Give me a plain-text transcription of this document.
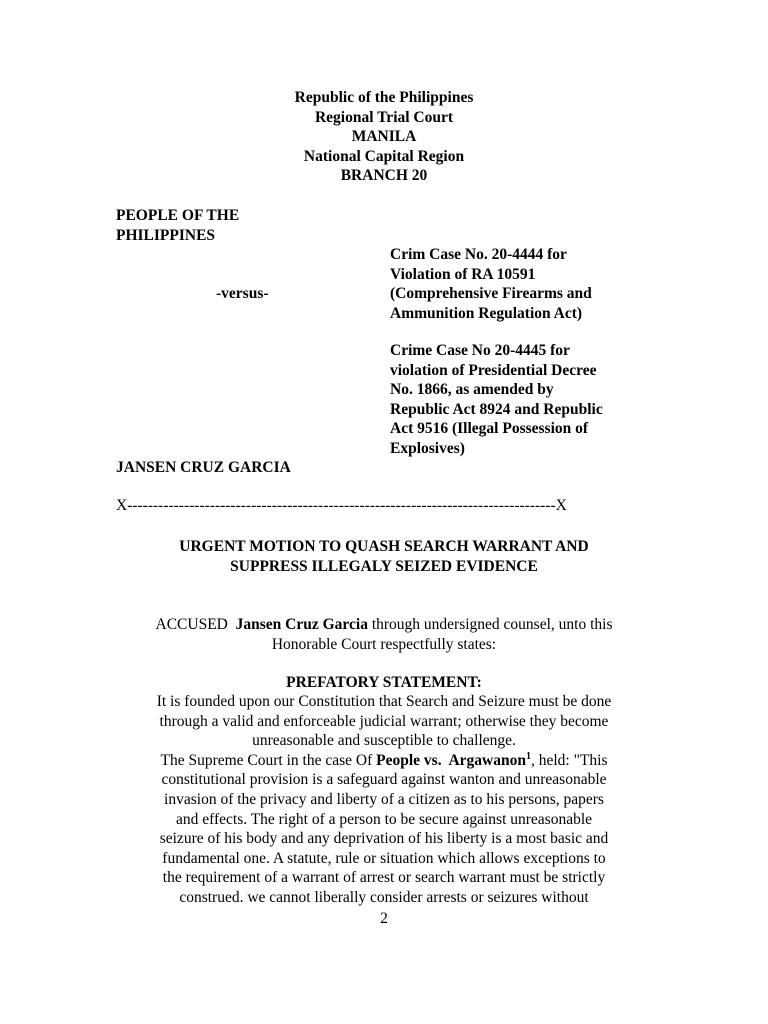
Republic of the Philippines
Regional Trial Court
MANILA
National Capital Region
BRANCH 20
PEOPLE OF THE
PHILIPPINES
-versus-
Crim Case No. 20-4444 for
Violation of RA 10591
(Comprehensive Firearms and
Ammunition Regulation Act)
Crime Case No 20-4445 for
violation of Presidential Decree
No. 1866, as amended by
Republic Act 8924 and Republic
Act 9516 (Illegal Possession of
Explosives)
JANSEN CRUZ GARCIA
X-----------------------------------------------------------------------------------X
URGENT MOTION TO QUASH SEARCH WARRANT AND
SUPPRESS ILLEGALY SEIZED EVIDENCE
ACCUSED  Jansen Cruz Garcia through undersigned counsel, unto this
Honorable Court respectfully states:
PREFATORY STATEMENT:
It is founded upon our Constitution that Search and Seizure must be done
through a valid and enforceable judicial warrant; otherwise they become
unreasonable and susceptible to challenge.
The Supreme Court in the case Of People vs.  Argawanon$^1$, held: "This
constitutional provision is a safeguard against wanton and unreasonable
invasion of the privacy and liberty of a citizen as to his persons, papers
and effects. The right of a person to be secure against unreasonable
seizure of his body and any deprivation of his liberty is a most basic and
fundamental one. A statute, rule or situation which allows exceptions to
the requirement of a warrant of arrest or search warrant must be strictly
construed. we cannot liberally consider arrests or seizures without
2
